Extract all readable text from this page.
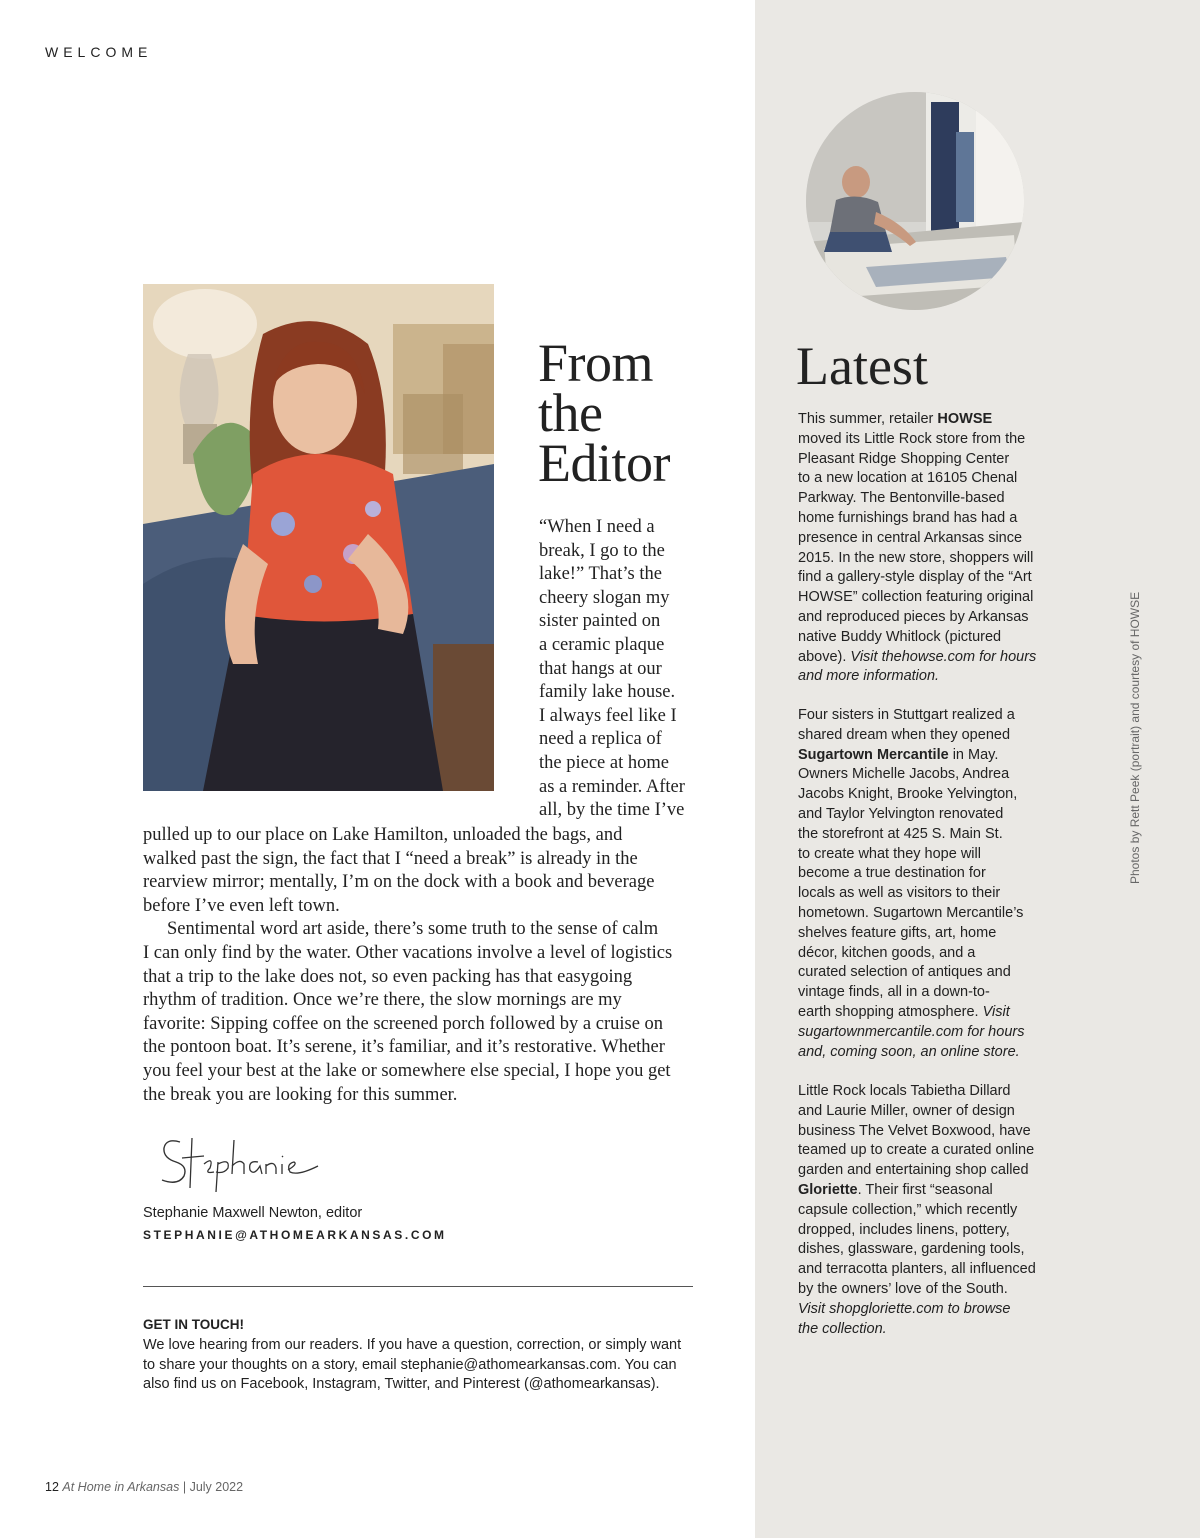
WELCOME
From
the
Editor
“When I need a
break, I go to the
lake!” That’s the
cheery slogan my
sister painted on
a ceramic plaque
that hangs at our
family lake house.
I always feel like I
need a replica of
the piece at home
as a reminder. After
all, by the time I’ve
pulled up to our place on Lake Hamilton, unloaded the bags, and
walked past the sign, the fact that I “need a break” is already in the
rearview mirror; mentally, I’m on the dock with a book and beverage
before I’ve even left town.
Sentimental word art aside, there’s some truth to the sense of calm
I can only find by the water. Other vacations involve a level of logistics
that a trip to the lake does not, so even packing has that easygoing
rhythm of tradition. Once we’re there, the slow mornings are my
favorite: Sipping coffee on the screened porch followed by a cruise on
the pontoon boat. It’s serene, it’s familiar, and it’s restorative. Whether
you feel your best at the lake or somewhere else special, I hope you get
the break you are looking for this summer.
Stephanie Maxwell Newton, editor
STEPHANIE@ATHOMEARKANSAS.COM
GET IN TOUCH!
We love hearing from our readers. If you have a question, correction, or simply want
to share your thoughts on a story, email stephanie@athomearkansas.com. You can
also find us on Facebook, Instagram, Twitter, and Pinterest (@athomearkansas).
12 At Home in Arkansas | July 2022
Latest
This summer, retailer HOWSE
moved its Little Rock store from the
Pleasant Ridge Shopping Center
to a new location at 16105 Chenal
Parkway. The Bentonville-based
home furnishings brand has had a
presence in central Arkansas since
2015. In the new store, shoppers will
find a gallery-style display of the “Art
HOWSE” collection featuring original
and reproduced pieces by Arkansas
native Buddy Whitlock (pictured
above). Visit thehowse.com for hours
and more information.
Four sisters in Stuttgart realized a
shared dream when they opened
Sugartown Mercantile in May.
Owners Michelle Jacobs, Andrea
Jacobs Knight, Brooke Yelvington,
and Taylor Yelvington renovated
the storefront at 425 S. Main St.
to create what they hope will
become a true destination for
locals as well as visitors to their
hometown. Sugartown Mercantile’s
shelves feature gifts, art, home
décor, kitchen goods, and a
curated selection of antiques and
vintage finds, all in a down-to-
earth shopping atmosphere. Visit
sugartownmercantile.com for hours
and, coming soon, an online store.
Little Rock locals Tabietha Dillard
and Laurie Miller, owner of design
business The Velvet Boxwood, have
teamed up to create a curated online
garden and entertaining shop called
Gloriette. Their first “seasonal
capsule collection,” which recently
dropped, includes linens, pottery,
dishes, glassware, gardening tools,
and terracotta planters, all influenced
by the owners’ love of the South.
Visit shopgloriette.com to browse
the collection.
Photos by Rett Peek (portrait) and courtesy of HOWSE
